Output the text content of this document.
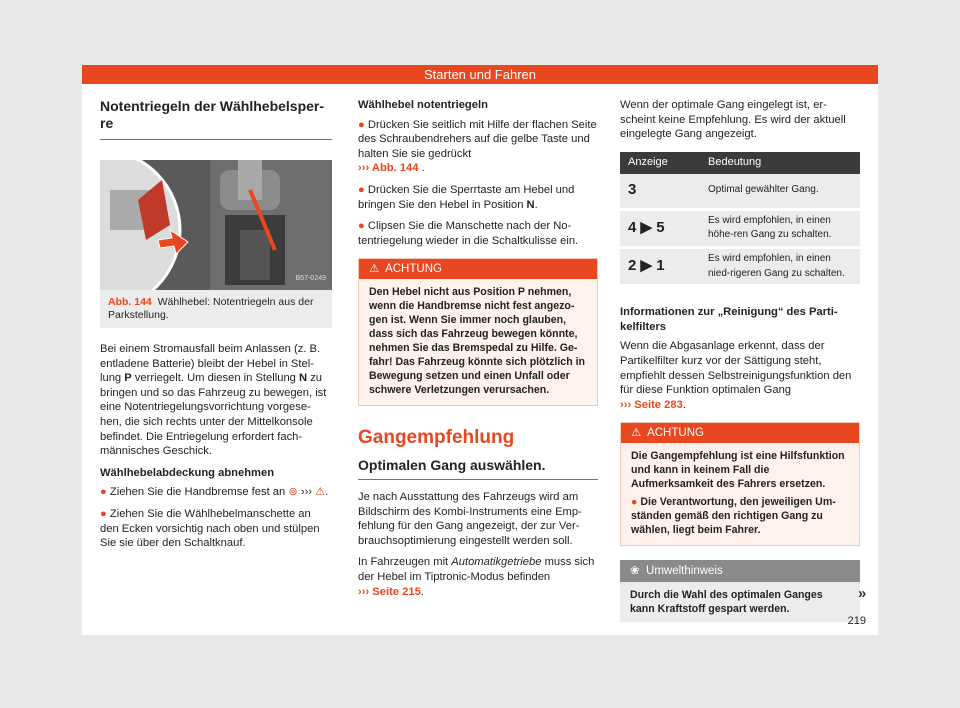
Starten und Fahren
Notentriegeln der Wählhebelsper-re
B57-0249
Abb. 144 Wählhebel: Notentriegeln aus der Parkstellung.

Bei einem Stromausfall beim Anlassen (z. B. entladene Batterie) bleibt der Hebel in Stel-lung P verriegelt. Um diesen in Stellung N zu bringen und so das Fahrzeug zu bewegen, ist eine Notentriegelungsvorrichtung vorgese-hen, die sich rechts unter der Mittelkonsole befindet. Die Entriegelung erfordert fach-männisches Geschick.

Wählhebelabdeckung abnehmen

● Ziehen Sie die Handbremse fest an ⊚ ››› ⚠.

● Ziehen Sie die Wählhebelmanschette an den Ecken vorsichtig nach oben und stülpen Sie sie über den Schaltknauf.

Wählhebel notentriegeln

● Drücken Sie seitlich mit Hilfe der flachen Seite des Schraubendrehers auf die gelbe Taste und halten Sie sie gedrückt
››› Abb. 144 .

● Drücken Sie die Sperrtaste am Hebel und bringen Sie den Hebel in Position N.

● Clipsen Sie die Manschette nach der No-tentriegelung wieder in die Schaltkulisse ein.

⚠ ACHTUNG
Den Hebel nicht aus Position P nehmen, wenn die Handbremse nicht fest angezo-gen ist. Wenn Sie immer noch glauben, dass sich das Fahrzeug bewegen könnte, nehmen Sie das Bremspedal zu Hilfe. Ge-fahr! Das Fahrzeug könnte sich plötzlich in Bewegung setzen und einen Unfall oder schwere Verletzungen verursachen.
Gangempfehlung
Optimalen Gang auswählen.

Je nach Ausstattung des Fahrzeugs wird am Bildschirm des Kombi-Instruments eine Emp-fehlung für den Gang angezeigt, der zur Ver-brauchsoptimierung eingestellt werden soll.

In Fahrzeugen mit Automatikgetriebe muss sich der Hebel im Tiptronic-Modus befinden
››› Seite 215.

Wenn der optimale Gang eingelegt ist, er-scheint keine Empfehlung. Es wird der aktuell eingelegte Gang angezeigt.

Anzeige	Bedeutung
3	Optimal gewählter Gang.
4 ▶ 5	Es wird empfohlen, in einen höhe-ren Gang zu schalten.
2 ▶ 1	Es wird empfohlen, in einen nied-rigeren Gang zu schalten.
Informationen zur „Reinigung“ des Parti-kelfilters

Wenn die Abgasanlage erkennt, dass der Partikelfilter kurz vor der Sättigung steht, empfiehlt dessen Selbstreinigungsfunktion den für diese Funktion optimalen Gang
››› Seite 283.

⚠ ACHTUNG
Die Gangempfehlung ist eine Hilfsfunktion und kann in keinem Fall die Aufmerksamkeit des Fahrers ersetzen.
● Die Verantwortung, den jeweiligen Um-ständen gemäß den richtigen Gang zu wählen, liegt beim Fahrer.
❀ Umwelthinweis
Durch die Wahl des optimalen Ganges kann Kraftstoff gespart werden.
»
219
